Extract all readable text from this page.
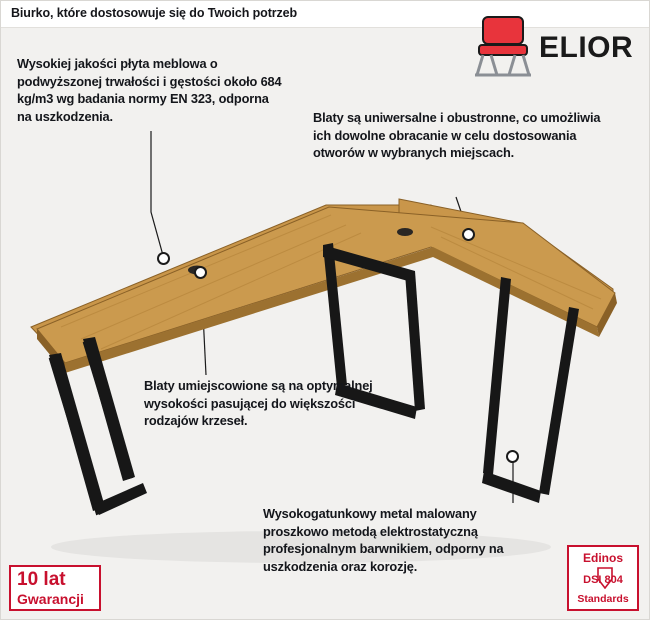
Biurko, które dostosowuje się do Twoich potrzeb
ELIOR
Wysokiej jakości płyta meblowa o podwyższonej trwałości i gęstości około 684 kg/m3 wg badania normy EN 323, odporna na uszkodzenia.	Blaty są uniwersalne i obustronne, co umożliwia ich dowolne obracanie w celu dostosowania otworów w wybranych miejscach.
Blaty umiejscowione są na optymalnej wysokości pasującej do większości rodzajów krzeseł.
Wysokogatunkowy metal malowany proszkowo metodą elektrostatyczną profesjonalnym barwnikiem, odporny na uszkodzenia oraz korozję.
10 lat
Gwarancji
Edinos
DSI 804
Standards
